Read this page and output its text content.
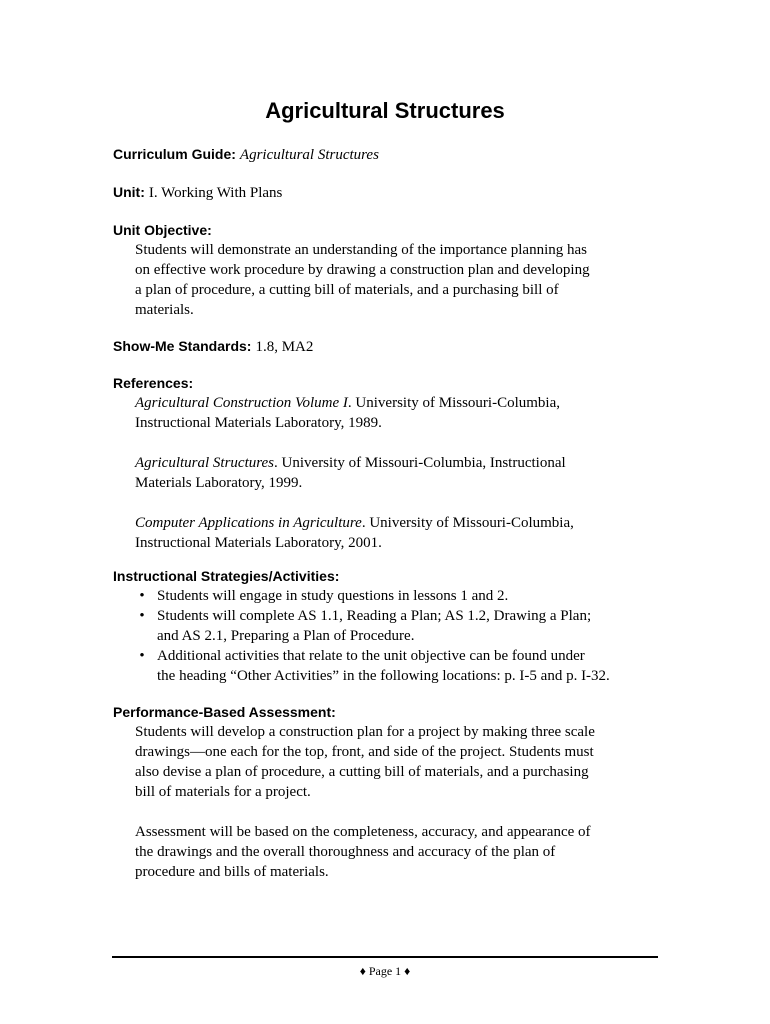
Agricultural Structures
Curriculum Guide: Agricultural Structures
Unit: I. Working With Plans
Unit Objective:
Students will demonstrate an understanding of the importance planning has
on effective work procedure by drawing a construction plan and developing
a plan of procedure, a cutting bill of materials, and a purchasing bill of
materials.
Show-Me Standards: 1.8, MA2
References:
Agricultural Construction Volume I. University of Missouri-Columbia,
Instructional Materials Laboratory, 1989.
Agricultural Structures. University of Missouri-Columbia, Instructional
Materials Laboratory, 1999.
Computer Applications in Agriculture. University of Missouri-Columbia,
Instructional Materials Laboratory, 2001.
Instructional Strategies/Activities:
• Students will engage in study questions in lessons 1 and 2.
• Students will complete AS 1.1, Reading a Plan; AS 1.2, Drawing a Plan;
and AS 2.1, Preparing a Plan of Procedure.
• Additional activities that relate to the unit objective can be found under
the heading “Other Activities” in the following locations: p. I-5 and p. I-32.
Performance-Based Assessment:
Students will develop a construction plan for a project by making three scale
drawings—one each for the top, front, and side of the project. Students must
also devise a plan of procedure, a cutting bill of materials, and a purchasing
bill of materials for a project.
Assessment will be based on the completeness, accuracy, and appearance of
the drawings and the overall thoroughness and accuracy of the plan of
procedure and bills of materials.
♦ Page 1 ♦
